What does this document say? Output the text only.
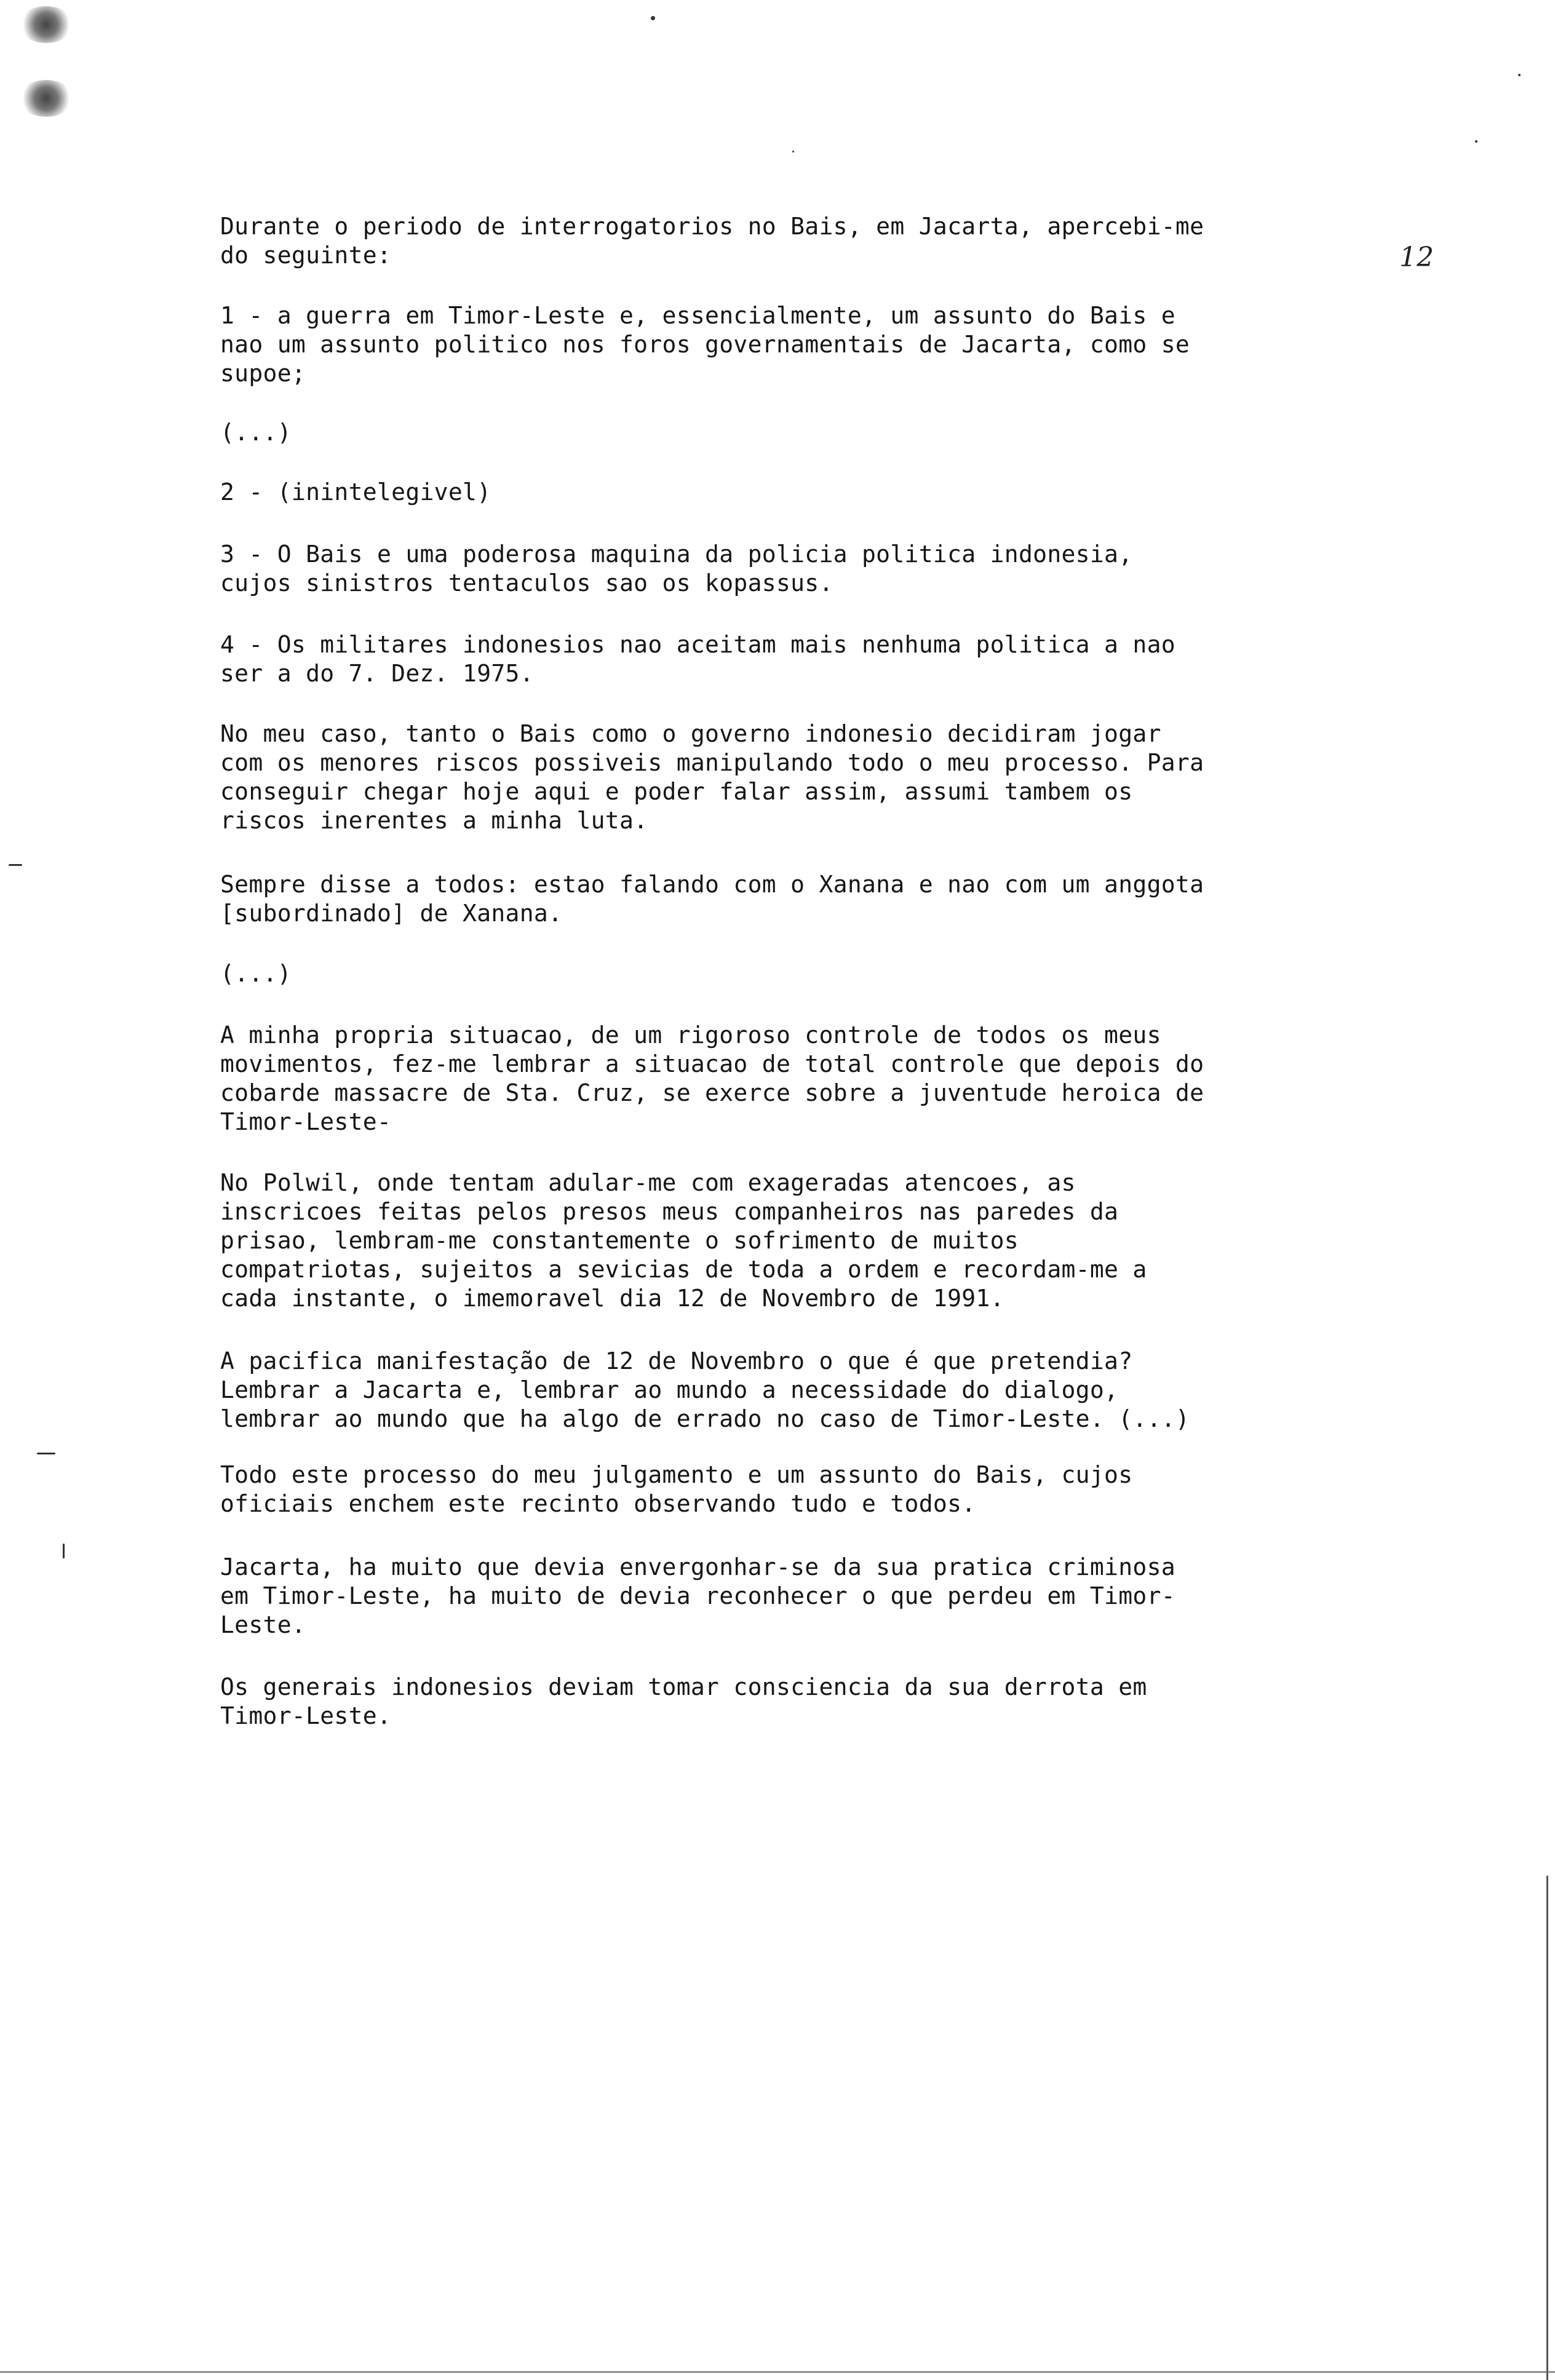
12
Durante o periodo de interrogatorios no Bais, em Jacarta, apercebi-me
do seguinte:
1 - a guerra em Timor-Leste e, essencialmente, um assunto do Bais e
nao um assunto politico nos foros governamentais de Jacarta, como se
supoe;
(...)
2 - (inintelegivel)
3 - O Bais e uma poderosa maquina da policia politica indonesia,
cujos sinistros tentaculos sao os kopassus.
4 - Os militares indonesios nao aceitam mais nenhuma politica a nao
ser a do 7. Dez. 1975.
No meu caso, tanto o Bais como o governo indonesio decidiram jogar
com os menores riscos possiveis manipulando todo o meu processo. Para
conseguir chegar hoje aqui e poder falar assim, assumi tambem os
riscos inerentes a minha luta.
Sempre disse a todos: estao falando com o Xanana e nao com um anggota
[subordinado] de Xanana.
(...)
A minha propria situacao, de um rigoroso controle de todos os meus
movimentos, fez-me lembrar a situacao de total controle que depois do
cobarde massacre de Sta. Cruz, se exerce sobre a juventude heroica de
Timor-Leste-
No Polwil, onde tentam adular-me com exageradas atencoes, as
inscricoes feitas pelos presos meus companheiros nas paredes da
prisao, lembram-me constantemente o sofrimento de muitos
compatriotas, sujeitos a sevicias de toda a ordem e recordam-me a
cada instante, o imemoravel dia 12 de Novembro de 1991.
A pacifica manifestação de 12 de Novembro o que é que pretendia?
Lembrar a Jacarta e, lembrar ao mundo a necessidade do dialogo,
lembrar ao mundo que ha algo de errado no caso de Timor-Leste. (...)
Todo este processo do meu julgamento e um assunto do Bais, cujos
oficiais enchem este recinto observando tudo e todos.
Jacarta, ha muito que devia envergonhar-se da sua pratica criminosa
em Timor-Leste, ha muito de devia reconhecer o que perdeu em Timor-
Leste.
Os generais indonesios deviam tomar consciencia da sua derrota em
Timor-Leste.
